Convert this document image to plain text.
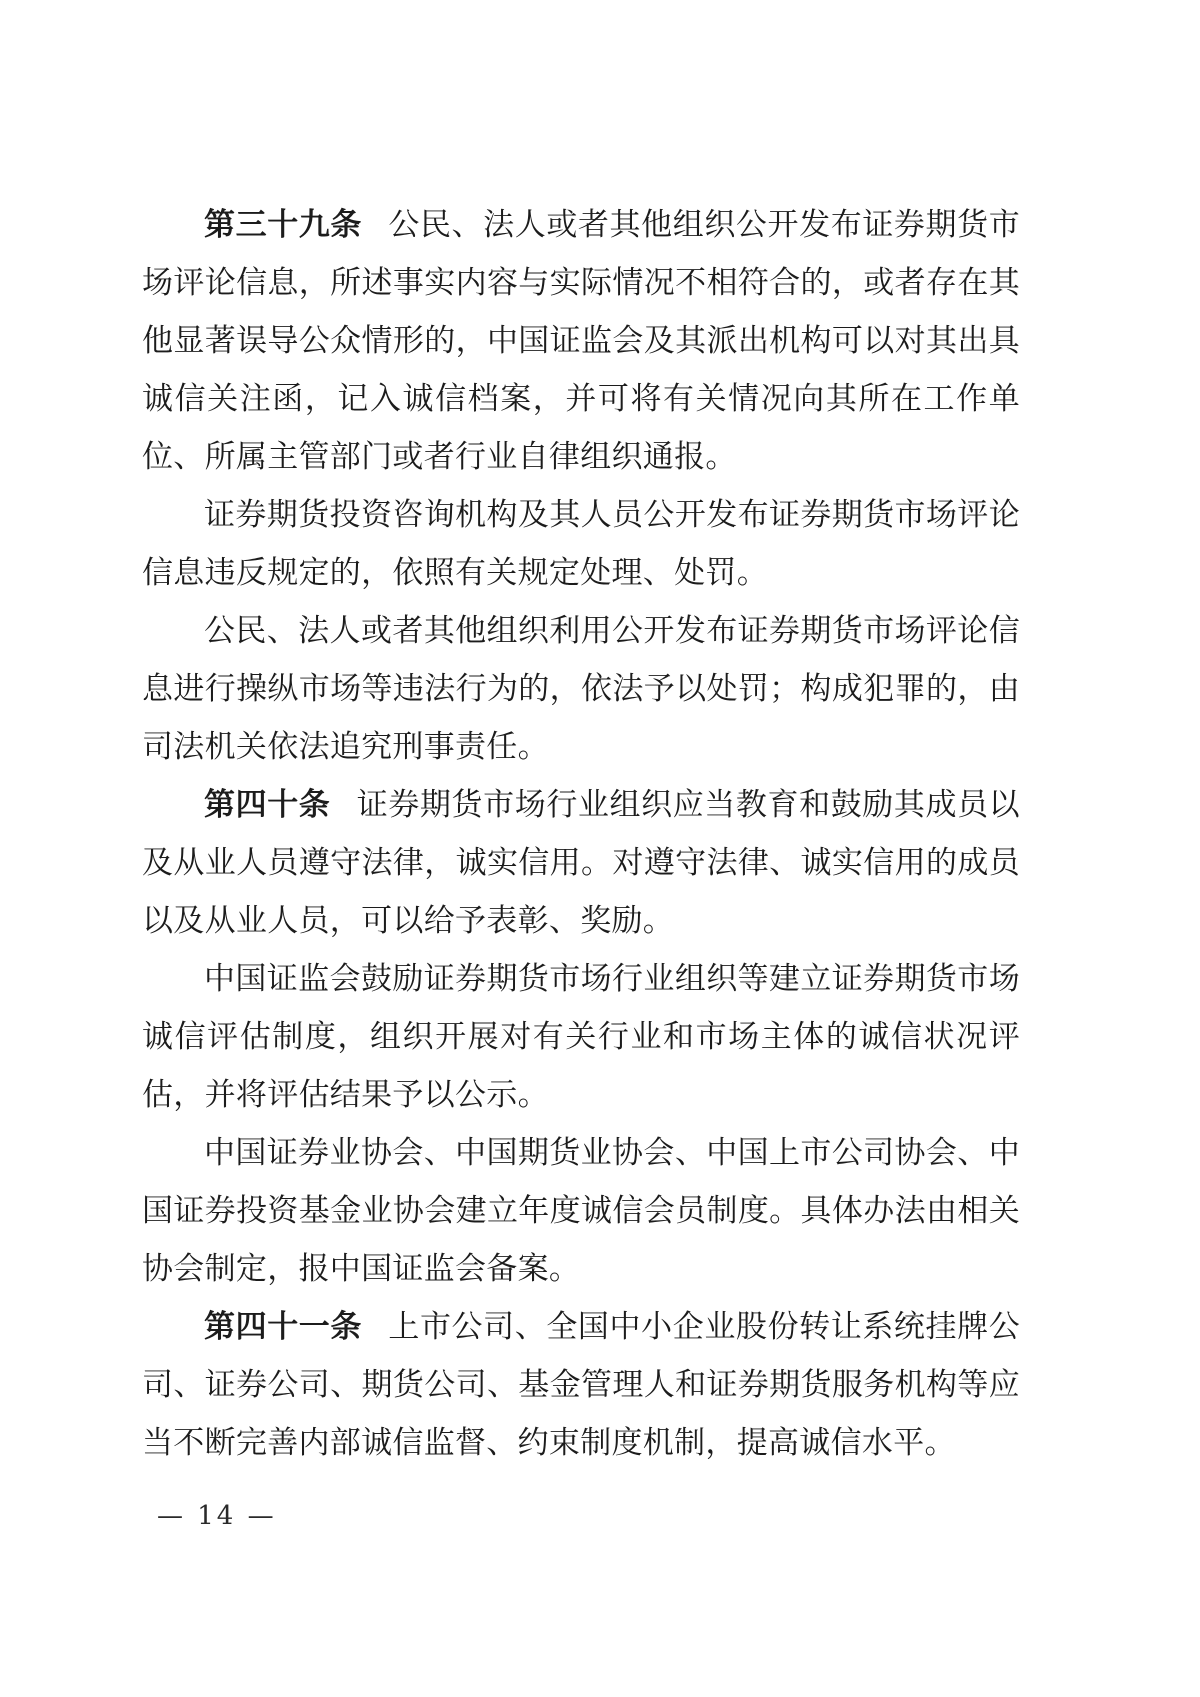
第三十九条 公民、法人或者其他组织公开发布证券期货市场评论信息，所述事实内容与实际情况不相符合的，或者存在其他显著误导公众情形的，中国证监会及其派出机构可以对其出具诚信关注函，记入诚信档案，并可将有关情况向其所在工作单位、所属主管部门或者行业自律组织通报。

证券期货投资咨询机构及其人员公开发布证券期货市场评论信息违反规定的，依照有关规定处理、处罚。

公民、法人或者其他组织利用公开发布证券期货市场评论信息进行操纵市场等违法行为的，依法予以处罚；构成犯罪的，由司法机关依法追究刑事责任。

第四十条 证券期货市场行业组织应当教育和鼓励其成员以及从业人员遵守法律，诚实信用。对遵守法律、诚实信用的成员以及从业人员，可以给予表彰、奖励。

中国证监会鼓励证券期货市场行业组织等建立证券期货市场诚信评估制度，组织开展对有关行业和市场主体的诚信状况评估，并将评估结果予以公示。

中国证券业协会、中国期货业协会、中国上市公司协会、中国证券投资基金业协会建立年度诚信会员制度。具体办法由相关协会制定，报中国证监会备案。

第四十一条 上市公司、全国中小企业股份转让系统挂牌公司、证券公司、期货公司、基金管理人和证券期货服务机构等应当不断完善内部诚信监督、约束制度机制，提高诚信水平。

— 14 —
